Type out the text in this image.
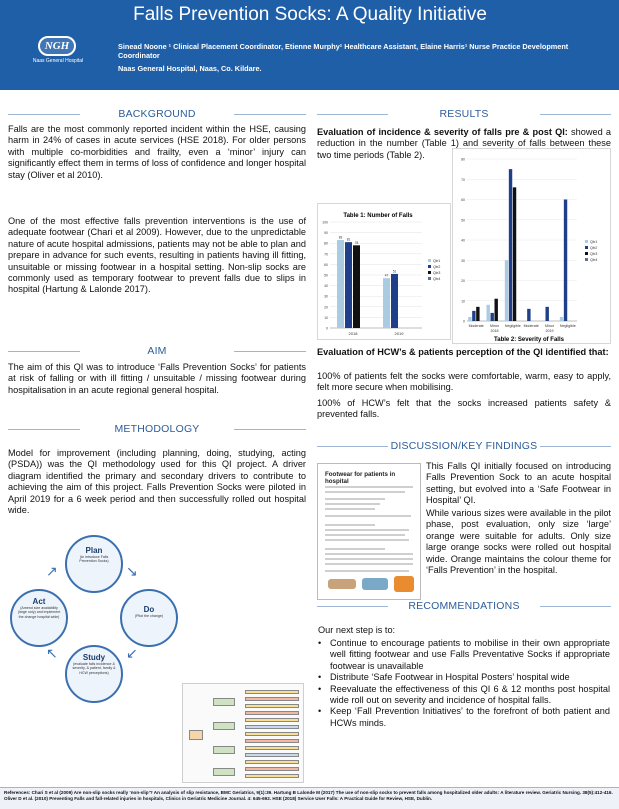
NGH
Naas General Hospital
Falls Prevention Socks: A Quality Initiative
Sinead Noone ¹ Clinical Placement Coordinator, Etienne Murphy¹ Healthcare Assistant, Elaine Harris¹ Nurse Practice Development Coordinator
Naas General Hospital, Naas, Co. Kildare.
BACKGROUND
Falls are the most commonly reported incident within the HSE, causing harm in 24% of cases in acute services (HSE 2018). For older persons with multiple co-morbidities and frailty, even a ‘minor’ injury can significantly effect them in terms of loss of confidence and longer hospital stay (Oliver et al 2010).
One of the most effective falls prevention interventions is the use of adequate footwear (Chari et al 2009). However, due to the unpredictable nature of acute hospital admissions, patients may not be able to plan and prepare in advance for such events, resulting in patients having ill fitting, unsuitable or missing footwear in a hospital setting. Non-slip socks are commonly used as temporary footwear to prevent falls due to slips in hospital (Hartung & Lalonde 2017).
AIM
The aim of this QI was to introduce ‘Falls Prevention Socks’ for patients at risk of falling or with ill fitting / unsuitable / missing footwear during hospitalisation in an acute regional general hospital.
METHODOLOGY
Model for improvement (including planning, doing, studying, acting (PSDA)) was the QI methodology used for this QI project. A driver diagram identified the primary and secondary drivers to contribute to achieving the aim of this project. Falls Prevention Socks were piloted in April 2019 for a 6 week period and then successfully rolled out hospital wide.
Plan
(to introduce Falls Prevention Socks)
Do
(Pilot the change)
Study
(evaluate falls incidence & severity, & patient, family & HCW perceptions)
Act
(Amend size availability (large only) and implement the change hospital wide)
↘
↙
↖
↗
RESULTS
Evaluation of incidence & severity of falls pre & post QI: showed a reduction in the number (Table 1) and severity of falls between these two time periods (Table 2).
Table 1: Number of Falls
0
10
20
30
40
50
60
70
80
90
100
83
81
78
2018
47
51
2019
Qtr1
Qtr2
Qtr3
Qtr4
0
10
20
30
40
50
60
70
80
Moderate Minor Negligible Moderate Minor Negligible
2018	2019
Table 2: Severity of Falls
Qtr1
Qtr2
Qtr3
Qtr4
Evaluation of HCW’s & patients perception of the QI identified that:
100% of patients felt the socks were comfortable, warm, easy to apply, felt more secure when mobilising.
100% of HCW’s felt that the socks increased patients safety & prevented falls.
DISCUSSION/KEY FINDINGS
Footwear for patients in hospital
This Falls QI initially focused on introducing Falls Prevention Sock to an acute hospital setting, but evolved into a ‘Safe Footwear in Hospital’ QI.
While various sizes were available in the pilot phase, post evaluation, only size ‘large’ orange were suitable for adults. Only size large orange socks were rolled out hospital wide. Orange maintains the colour theme for ‘Falls Prevention’ in the hospital.
RECOMMENDATIONS
Our next step is to:
• Continue to encourage patients to mobilise in their own appropriate well fitting footwear and use Falls Preventative Socks if appropriate footwear is unavailable
• Distribute ‘Safe Footwear in Hospital Posters’ hospital wide
• Reevaluate the effectiveness of this QI 6 & 12 months post hospital wide roll out on severity and incidence of hospital falls.
• Keep ‘Fall Prevention Initiatives’ to the forefront of both patient and HCWs minds.
References: Chari S et al (2009) Are non-slip socks really ‘non-slip’? An analysis of slip resistance, BMC Geriatrics, 9(1):39. Hartung B Lalonde M (2017) The use of non-slip socks to prevent falls among hospitalized older adults: A literature review. Geriatric Nursing. 38(5):412-416. Oliver D et al. (2010) Preventing Falls and fall-related injuries in hospitals, Clinics in Geriatric Medicine Journal. 4: 645-692. HSE (2018) Service User Falls: A Practical Guide for Review, HSE, Dublin.
